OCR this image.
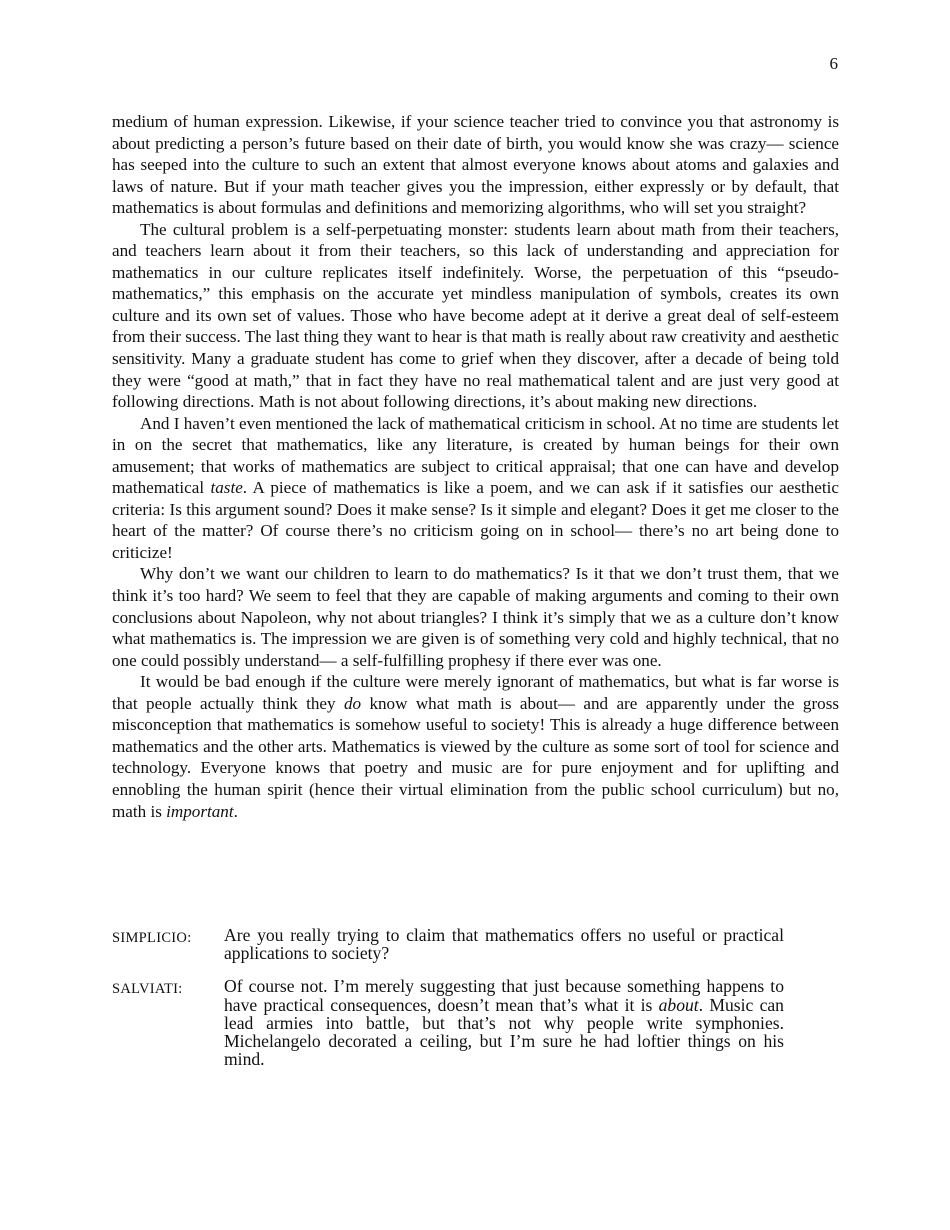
6

medium of human expression. Likewise, if your science teacher tried to convince you that astronomy is about predicting a person’s future based on their date of birth, you would know she was crazy— science has seeped into the culture to such an extent that almost everyone knows about atoms and galaxies and laws of nature. But if your math teacher gives you the impression, either expressly or by default, that mathematics is about formulas and definitions and memorizing algorithms, who will set you straight?

The cultural problem is a self-perpetuating monster: students learn about math from their teachers, and teachers learn about it from their teachers, so this lack of understanding and appreciation for mathematics in our culture replicates itself indefinitely. Worse, the perpetuation of this “pseudo-mathematics,” this emphasis on the accurate yet mindless manipulation of symbols, creates its own culture and its own set of values. Those who have become adept at it derive a great deal of self-esteem from their success. The last thing they want to hear is that math is really about raw creativity and aesthetic sensitivity. Many a graduate student has come to grief when they discover, after a decade of being told they were “good at math,” that in fact they have no real mathematical talent and are just very good at following directions. Math is not about following directions, it’s about making new directions.

And I haven’t even mentioned the lack of mathematical criticism in school. At no time are students let in on the secret that mathematics, like any literature, is created by human beings for their own amusement; that works of mathematics are subject to critical appraisal; that one can have and develop mathematical taste. A piece of mathematics is like a poem, and we can ask if it satisfies our aesthetic criteria: Is this argument sound? Does it make sense? Is it simple and elegant? Does it get me closer to the heart of the matter? Of course there’s no criticism going on in school— there’s no art being done to criticize!

Why don’t we want our children to learn to do mathematics? Is it that we don’t trust them, that we think it’s too hard? We seem to feel that they are capable of making arguments and coming to their own conclusions about Napoleon, why not about triangles? I think it’s simply that we as a culture don’t know what mathematics is. The impression we are given is of something very cold and highly technical, that no one could possibly understand— a self-fulfilling prophesy if there ever was one.

It would be bad enough if the culture were merely ignorant of mathematics, but what is far worse is that people actually think they do know what math is about— and are apparently under the gross misconception that mathematics is somehow useful to society! This is already a huge difference between mathematics and the other arts. Mathematics is viewed by the culture as some sort of tool for science and technology. Everyone knows that poetry and music are for pure enjoyment and for uplifting and ennobling the human spirit (hence their virtual elimination from the public school curriculum) but no, math is important.

SIMPLICIO:	Are you really trying to claim that mathematics offers no useful or practical applications to society?
SALVIATI:	Of course not. I’m merely suggesting that just because something happens to have practical consequences, doesn’t mean that’s what it is about. Music can lead armies into battle, but that’s not why people write symphonies. Michelangelo decorated a ceiling, but I’m sure he had loftier things on his mind.
